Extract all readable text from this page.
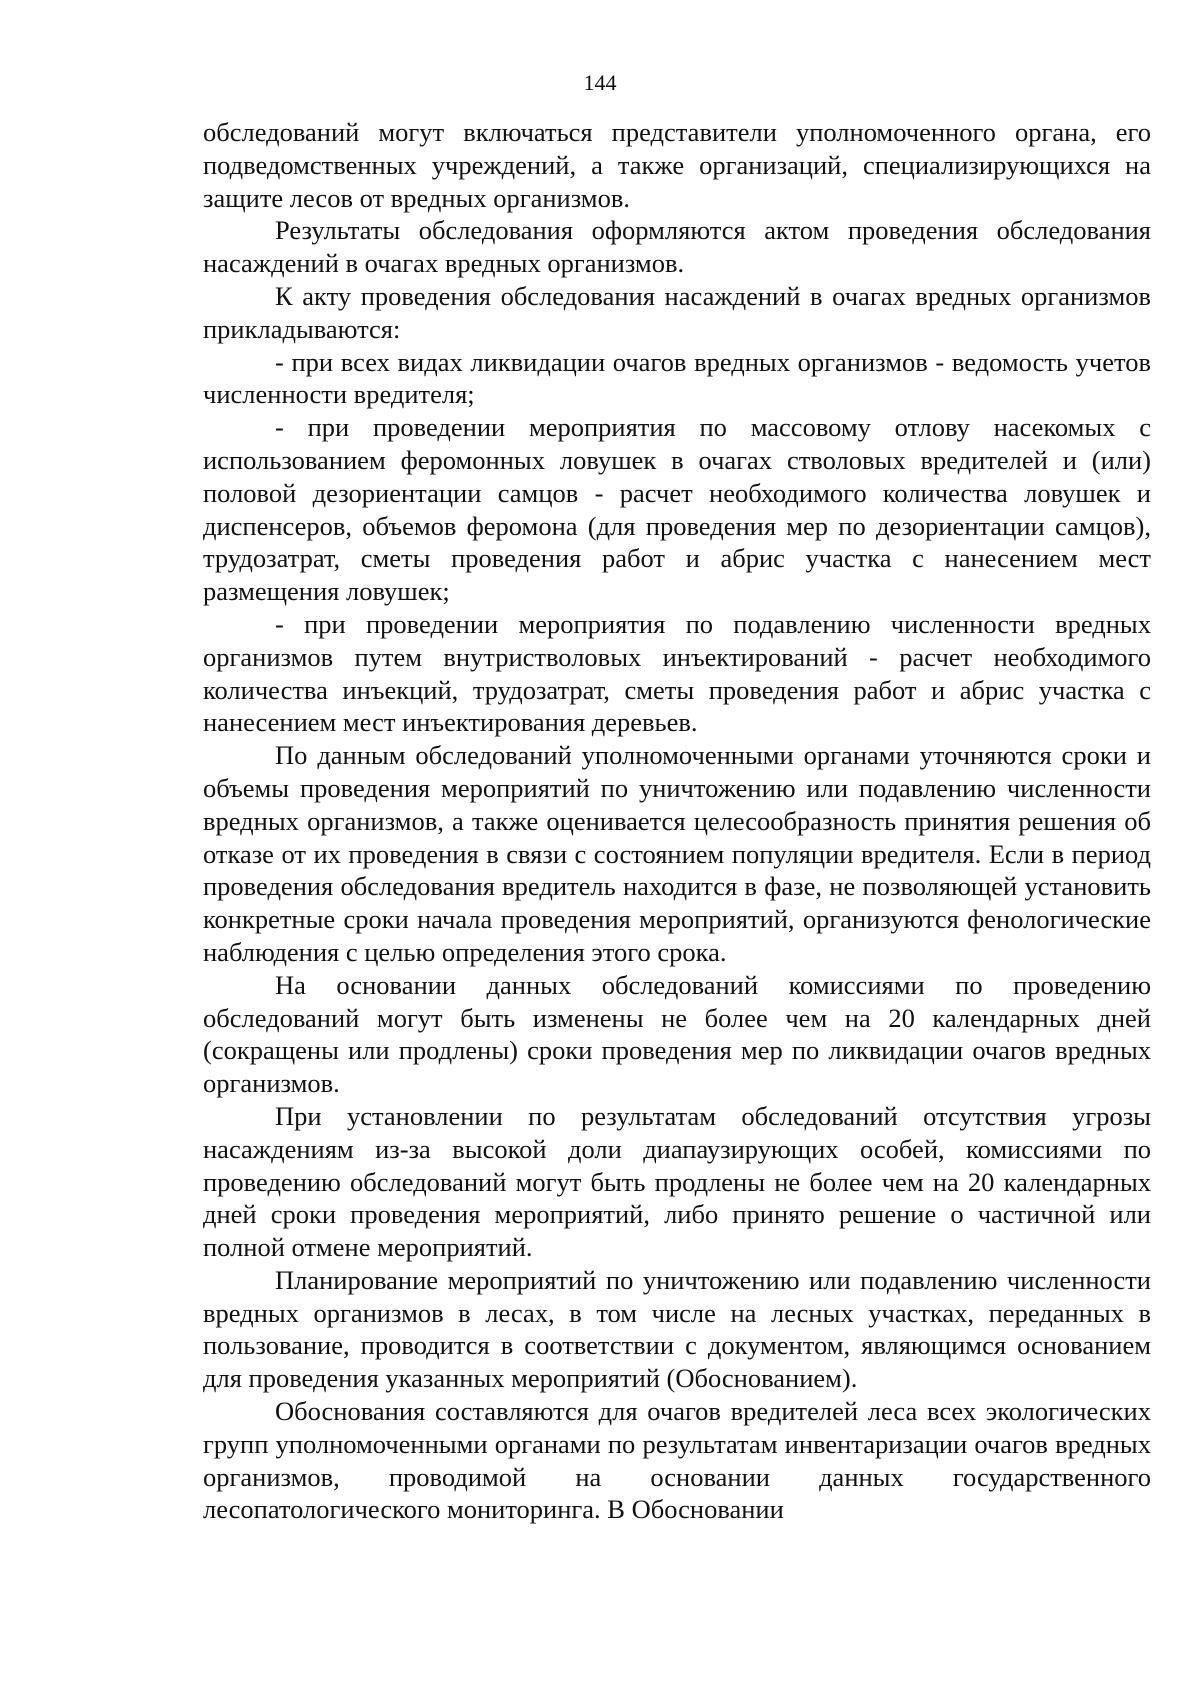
144

обследований могут включаться представители уполномоченного органа, его подведомственных учреждений, а также организаций, специализирующихся на защите лесов от вредных организмов.

Результаты обследования оформляются актом проведения обследования насаждений в очагах вредных организмов.

К акту проведения обследования насаждений в очагах вредных организмов прикладываются:

- при всех видах ликвидации очагов вредных организмов - ведомость учетов численности вредителя;

- при проведении мероприятия по массовому отлову насекомых с использованием феромонных ловушек в очагах стволовых вредителей и (или) половой дезориентации самцов - расчет необходимого количества ловушек и диспенсеров, объемов феромона (для проведения мер по дезориентации самцов), трудозатрат, сметы проведения работ и абрис участка с нанесением мест размещения ловушек;

- при проведении мероприятия по подавлению численности вредных организмов путем внутристволовых инъектирований - расчет необходимого количества инъекций, трудозатрат, сметы проведения работ и абрис участка с нанесением мест инъектирования деревьев.

По данным обследований уполномоченными органами уточняются сроки и объемы проведения мероприятий по уничтожению или подавлению численности вредных организмов, а также оценивается целесообразность принятия решения об отказе от их проведения в связи с состоянием популяции вредителя. Если в период проведения обследования вредитель находится в фазе, не позволяющей установить конкретные сроки начала проведения мероприятий, организуются фенологические наблюдения с целью определения этого срока.

На основании данных обследований комиссиями по проведению обследований могут быть изменены не более чем на 20 календарных дней (сокращены или продлены) сроки проведения мер по ликвидации очагов вредных организмов.

При установлении по результатам обследований отсутствия угрозы насаждениям из-за высокой доли диапаузирующих особей, комиссиями по проведению обследований могут быть продлены не более чем на 20 календарных дней сроки проведения мероприятий, либо принято решение о частичной или полной отмене мероприятий.

Планирование мероприятий по уничтожению или подавлению численности вредных организмов в лесах, в том числе на лесных участках, переданных в пользование, проводится в соответствии с документом, являющимся основанием для проведения указанных мероприятий (Обоснованием).

Обоснования составляются для очагов вредителей леса всех экологических групп уполномоченными органами по результатам инвентаризации очагов вредных организмов, проводимой на основании данных государственного лесопатологического мониторинга. В Обосновании
